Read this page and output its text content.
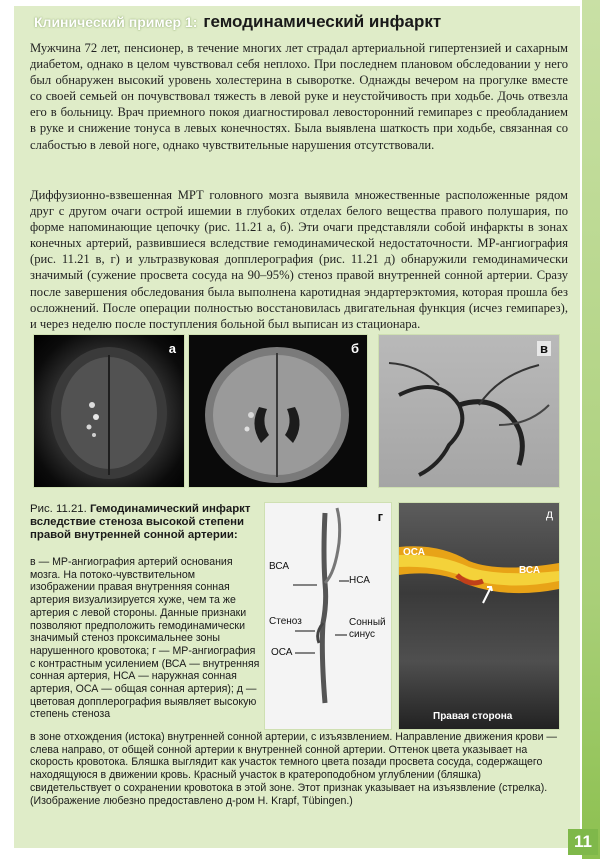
11
Клинический пример 1: гемодинамический инфаркт

Мужчина 72 лет, пенсионер, в течение многих лет страдал артериальной гипертензией и сахарным диабетом, однако в целом чувствовал себя неплохо. При последнем плановом обследовании у него был обнаружен высокий уровень холестерина в сыворотке. Однажды вечером на прогулке вместе со своей семьей он почувствовал тяжесть в левой руке и неустойчивость при ходьбе. Дочь отвезла его в больницу. Врач приемного покоя диагностировал левосторонний гемипарез с преобладанием в руке и снижение тонуса в левых конечностях. Была выявлена шаткость при ходьбе, связанная со слабостью в левой ноге, однако чувствительные нарушения отсутствовали.

Диффузионно-взвешенная МРТ головного мозга выявила множественные расположенные рядом друг с другом очаги острой ишемии в глубоких отделах белого вещества правого полушария, по форме напоминающие цепочку (рис. 11.21 а, б). Эти очаги представляли собой инфаркты в зонах конечных артерий, развившиеся вследствие гемодинамической недостаточности. МР-ангиография (рис. 11.21 в, г) и ультразвуковая допплерография (рис. 11.21 д) обнаружили гемодинамически значимый (сужение просвета сосуда на 90–95%) стеноз правой внутренней сонной артерии. Сразу после завершения обследования была выполнена каротидная эндартерэктомия, которая прошла без осложнений. После операции полностью восстановилась двигательная функция (исчез гемипарез), и через неделю после поступления больной был выписан из стационара.

а	б	в
Рис. 11.21. Гемодинамический инфаркт вследствие стеноза высокой степени правой внутренней сонной артерии:

в — МР-ангиография артерий основания мозга. На потоко-чувствительном изображении правая внутренняя сонная артерия визуализируется хуже, чем та же артерия с левой стороны. Данные признаки позволяют предположить гемодинамически значимый стеноз проксимальнее зоны нарушенного кровотока; г — МР-ангиография с контрастным усилением (ВСА — внутренняя сонная артерия, НСА — наружная сонная артерия, ОСА — общая сонная артерия); д — цветовая допплерография выявляет высокую степень стеноза

г
ВСА
НСА
Стеноз	Сонный синус
ОСА
д
ОСА
ВСА
Правая сторона

в зоне отхождения (истока) внутренней сонной артерии, с изъязвлением. Направление движения крови — слева направо, от общей сонной артерии к внутренней сонной артерии. Оттенок цвета указывает на скорость кровотока. Бляшка выглядит как участок темного цвета позади просвета сосуда, содержащего находящуюся в движении кровь. Красный участок в кратероподобном углублении (бляшка) свидетельствует о сохранении кровотока в этой зоне. Этот признак указывает на изъязвление (стрелка). (Изображение любезно предоставлено д-ром H. Krapf, Tübingen.)
